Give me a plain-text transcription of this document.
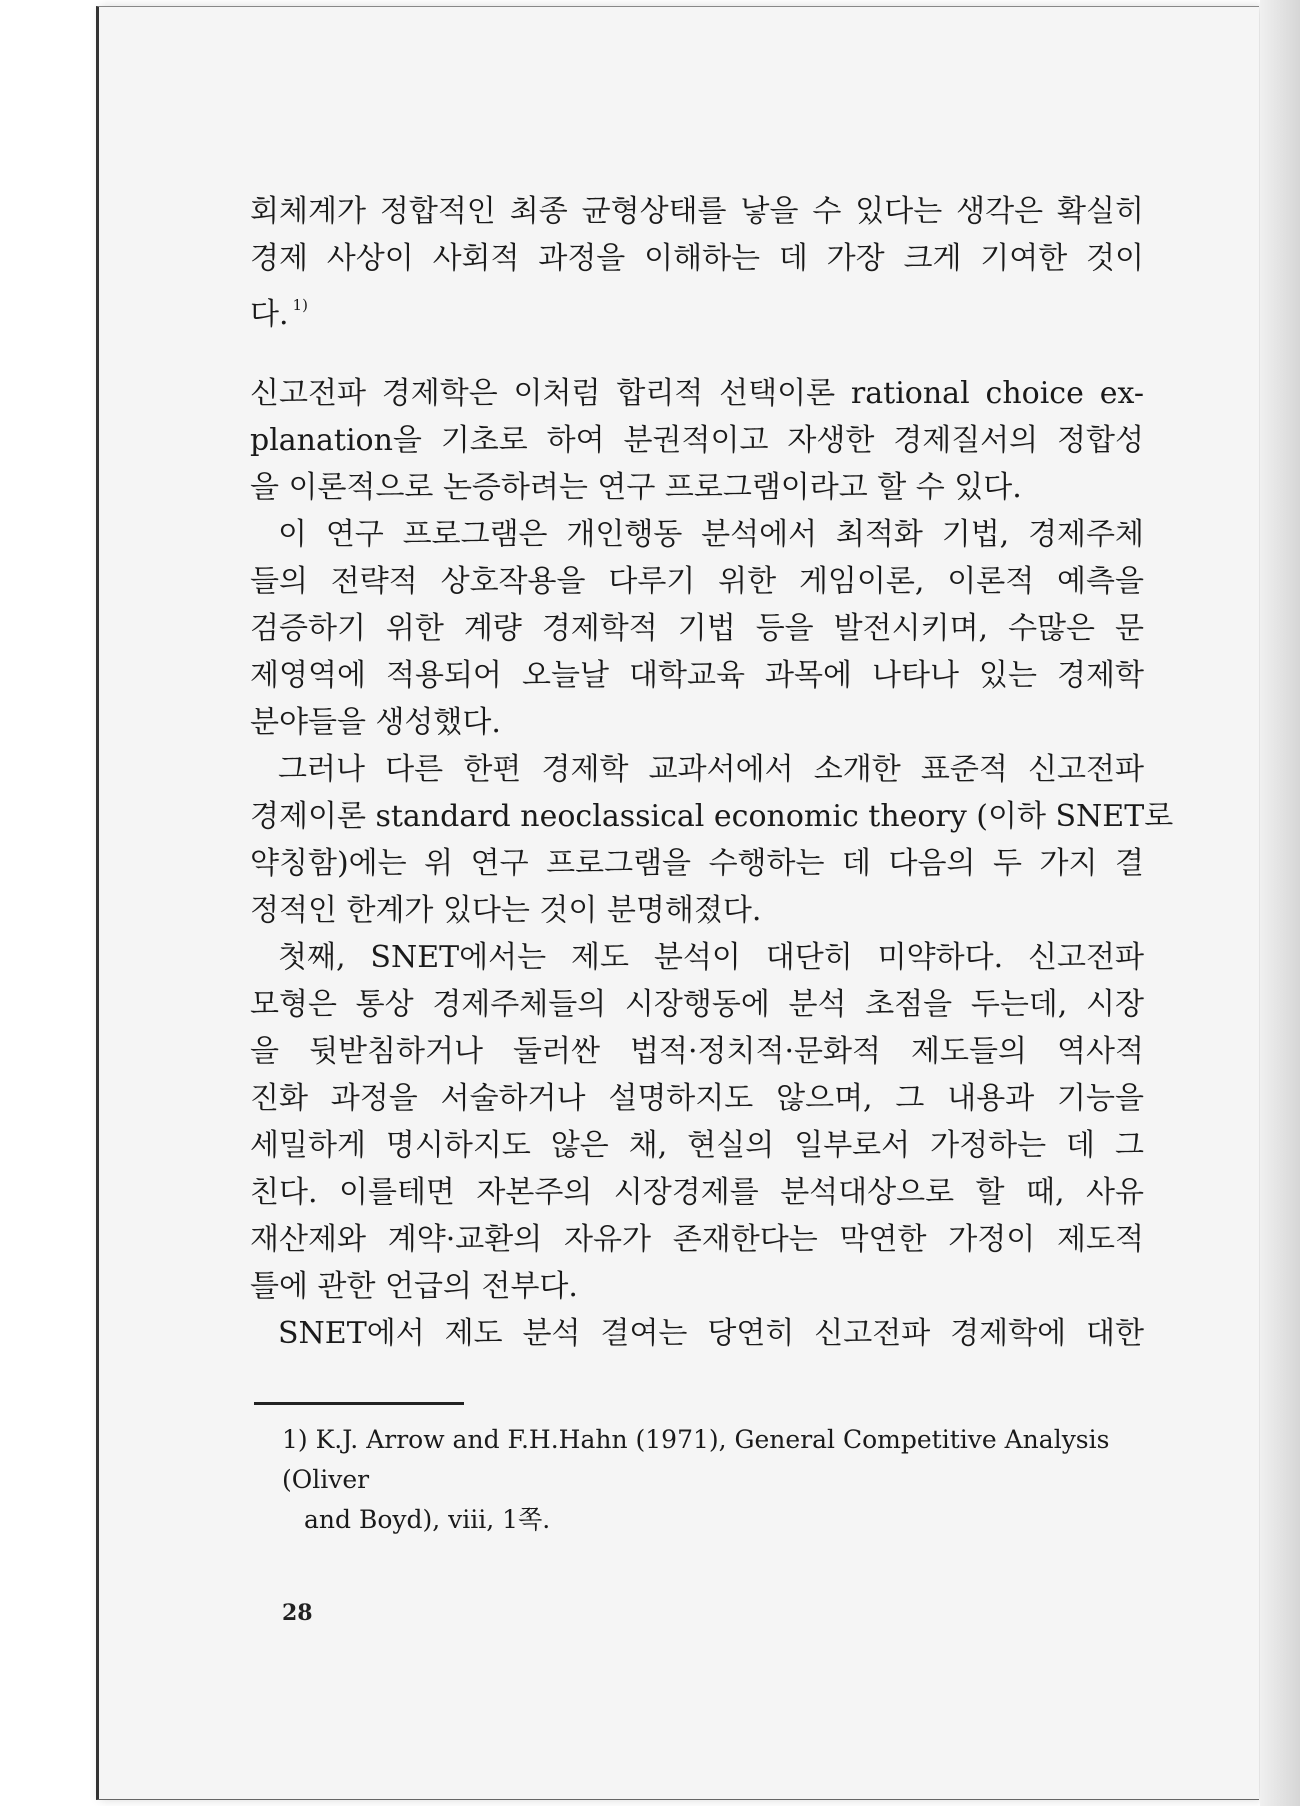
회체계가 정합적인 최종 균형상태를 낳을 수 있다는 생각은 확실히
경제 사상이 사회적 과정을 이해하는 데 가장 크게 기여한 것이
다. $^{1)}$
신고전파 경제학은 이처럼 합리적 선택이론 rational choice ex-
planation을 기초로 하여 분권적이고 자생한 경제질서의 정합성
을 이론적으로 논증하려는 연구 프로그램이라고 할 수 있다.
이 연구 프로그램은 개인행동 분석에서 최적화 기법, 경제주체
들의 전략적 상호작용을 다루기 위한 게임이론, 이론적 예측을
검증하기 위한 계량 경제학적 기법 등을 발전시키며, 수많은 문
제영역에 적용되어 오늘날 대학교육 과목에 나타나 있는 경제학
분야들을 생성했다.
그러나 다른 한편 경제학 교과서에서 소개한 표준적 신고전파
경제이론 standard neoclassical economic theory (이하 SNET로
약칭함)에는 위 연구 프로그램을 수행하는 데 다음의 두 가지 결
정적인 한계가 있다는 것이 분명해졌다.
첫째, SNET에서는 제도 분석이 대단히 미약하다. 신고전파
모형은 통상 경제주체들의 시장행동에 분석 초점을 두는데, 시장
을 뒷받침하거나 둘러싼 법적·정치적·문화적 제도들의 역사적
진화 과정을 서술하거나 설명하지도 않으며, 그 내용과 기능을
세밀하게 명시하지도 않은 채, 현실의 일부로서 가정하는 데 그
친다. 이를테면 자본주의 시장경제를 분석대상으로 할 때, 사유
재산제와 계약·교환의 자유가 존재한다는 막연한 가정이 제도적
틀에 관한 언급의 전부다.
SNET에서 제도 분석 결여는 당연히 신고전파 경제학에 대한
1) K.J. Arrow and F.H.Hahn (1971), General Competitive Analysis (Oliver
and Boyd), viii, 1쪽.
28
